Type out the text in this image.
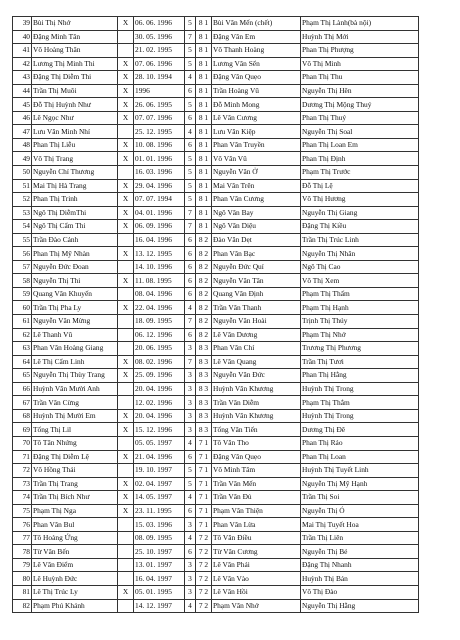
39	Bùi Thị Nhớ	X	06. 06. 1996	5	8 1	Bùi Văn Mến (chết)	Phạm Thị Lành(bà nội)
40	Đặng Minh Tân		30. 05. 1996	7	8 1	Đặng Văn Em	Huỳnh Thị Mới
41	Võ Hoàng Thân		21. 02. 1995	5	8 1	Võ Thanh Hoàng	Phan Thị Phượng
42	Lương Thị Minh Thi	X	07. 06. 1996	5	8 1	Lương Văn Sển	Võ Thị Minh
43	Đặng Thị Diễm Thi	X	28. 10. 1994	4	8 1	Đặng Văn Quẹo	Phan Thị Thu
44	Trần Thị Muôi	X	1996	6	8 1	Trần Hoàng Vũ	Nguyễn Thị Hên
45	Đỗ Thị Huỳnh Như	X	26. 06. 1995	5	8 1	Đỗ Minh Mong	Dương Thị Mộng Thuý
46	Lê Ngọc Như	X	07. 07. 1996	6	8 1	Lê Văn Cương	Phan Thị Thuý
47	Lưu Văn Minh Nhí		25. 12. 1995	4	8 1	Lưu Văn Kiệp	Nguyễn Thị Soal
48	Phan Thị Liễu	X	10. 08. 1996	6	8 1	Phan Văn Truyền	Phan Thị Loan Em
49	Võ Thị Trang	X	01. 01. 1996	5	8 1	Võ Văn Vũ	Phan Thị Định
50	Nguyễn Chí Thương		16. 03. 1996	5	8 1	Nguyễn Văn Ở	Phạm Thị Trước
51	Mai Thị Hà Trang	X	29. 04. 1996	5	8 1	Mai Văn Trên	Đỗ Thị Lệ
52	Phan Thị Trinh	X	07. 07. 1994	5	8 1	Phan Văn Cương	Võ Thị Hương
53	Ngô Thị DiễmThi	X	04. 01. 1996	7	8 1	Ngô Văn Bay	Nguyễn Thị Giang
54	Ngô Thị Cẩm Thi	X	06. 09. 1996	7	8 1	Ngô Văn Diệu	Đặng Thị Kiều
55	Trần Đào Cảnh		16. 04. 1996	6	8 2	Đào Văn Dẹt	Trần Thị Trúc Linh
56	Phan Thị Mỹ Nhàn	X	13. 12. 1995	6	8 2	Phan Văn Bạc	Nguyễn Thị Nhân
57	Nguyễn Đức Đoan		14. 10. 1996	6	8 2	Nguyễn Đức Quí	Ngô Thị Cao
58	Nguyễn Thị Thi	X	11. 08. 1995	6	8 2	Nguyễn Văn Tân	Võ Thị Xem
59	Quang Văn Khuyến		08. 04. 1996	6	8 2	Quang Văn Định	Phạm Thị Thấm
60	Trần Thị Pha Ly	X	22. 04. 1996	4	8 2	Trần Văn Thanh	Phạm Thị Hạnh
61	Nguyễn Văn Mừng		18. 09. 1995	7	8 2	Nguyễn Văn Hoài	Trịnh Thị Thúy
62	Lê Thanh Vũ		06. 12. 1996	6	8 2	Lê Văn Dương	Phạm Thị Nhớ
63	Phan Văn Hoàng Giang		20. 06. 1995	3	8 3	Phan Văn Chí	Trương Thị Phương
64	Lê Thị Cẩm Linh	X	08. 02. 1996	7	8 3	Lê Văn Quang	Trần Thị Tươi
65	Nguyễn Thị Thùy Trang	X	25. 09. 1996	3	8 3	Nguyễn Văn Đức	Phan Thị Hằng
66	Huỳnh Văn Mười Anh		20. 04. 1996	3	8 3	Huỳnh Văn Khương	Huỳnh Thị Trong
67	Trần Văn Cừng		12. 02. 1996	3	8 3	Trần Văn Diễm	Phạm Thị Thắm
68	Huỳnh Thị Mười Em	X	20. 04. 1996	3	8 3	Huỳnh Văn Khương	Huỳnh Thị Trong
69	Tống Thị Lil	X	15. 12. 1996	3	8 3	Tống Văn Tiến	Dương Thị Đê
70	Tô Tân Nhứng		05. 05. 1997	4	7 1	Tô Văn Tho	Phan Thị Ráo
71	Đặng Thị Diễm Lệ	X	21. 04. 1996	6	7 1	Đặng Văn Quẹo	Phan Thị Loan
72	Võ Hồng Thái		19. 10. 1997	5	7 1	Võ Minh Tâm	Huỳnh Thị Tuyết Linh
73	Trần Thị Trang	X	02. 04. 1997	5	7 1	Trần Văn Mến	Nguyễn Thị Mỹ Hạnh
74	Trần Thị Bích Như	X	14. 05. 1997	4	7 1	Trần Văn Đủ	Trần Thị Soi
75	Phạm Thị Nga	X	23. 11. 1995	6	7 1	Phạm Văn Thiện	Nguyễn Thị Ó
76	Phan Văn Bul		15. 03. 1996	3	7 1	Phan Văn Lừa	Mai Thị Tuyết Hoa
77	Tô Hoàng Ứng		08. 09. 1995	4	7 2	Tô Văn Điều	Trần Thị Liên
78	Từ Văn Bến		25. 10. 1997	6	7 2	Từ Văn Cương	Nguyễn Thị Bé
79	Lê Văn Điểm		13. 01. 1997	3	7 2	Lê Văn Phái	Đặng Thị Nhanh
80	Lê Huỳnh Đức		16. 04. 1997	3	7 2	Lê Văn Vào	Huỳnh Thị Bản
81	Lê Thị Trúc Ly	X	05. 01. 1995	3	7 2	Lê Văn Hồi	Võ Thị Đào
82	Phạm Phú Khánh		14. 12. 1997	4	7 2	Phạm Văn Nhớ	Nguyễn Thị Hằng
